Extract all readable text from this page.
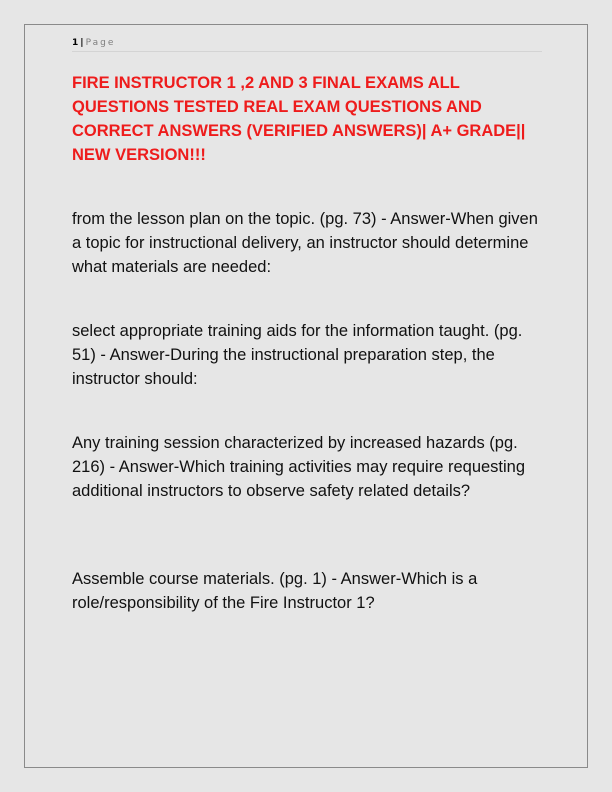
1 | Page
FIRE INSTRUCTOR 1 ,2 AND 3 FINAL EXAMS ALL QUESTIONS TESTED REAL EXAM QUESTIONS AND CORRECT ANSWERS (VERIFIED ANSWERS)| A+ GRADE|| NEW VERSION!!!

from the lesson plan on the topic. (pg. 73) - Answer-When given a topic for instructional delivery, an instructor should determine what materials are needed:

select appropriate training aids for the information taught. (pg. 51) - Answer-During the instructional preparation step, the instructor should:

Any training session characterized by increased hazards (pg. 216) - Answer-Which training activities may require requesting additional instructors to observe safety related details?

Assemble course materials. (pg. 1) - Answer-Which is a role/responsibility of the Fire Instructor 1?
